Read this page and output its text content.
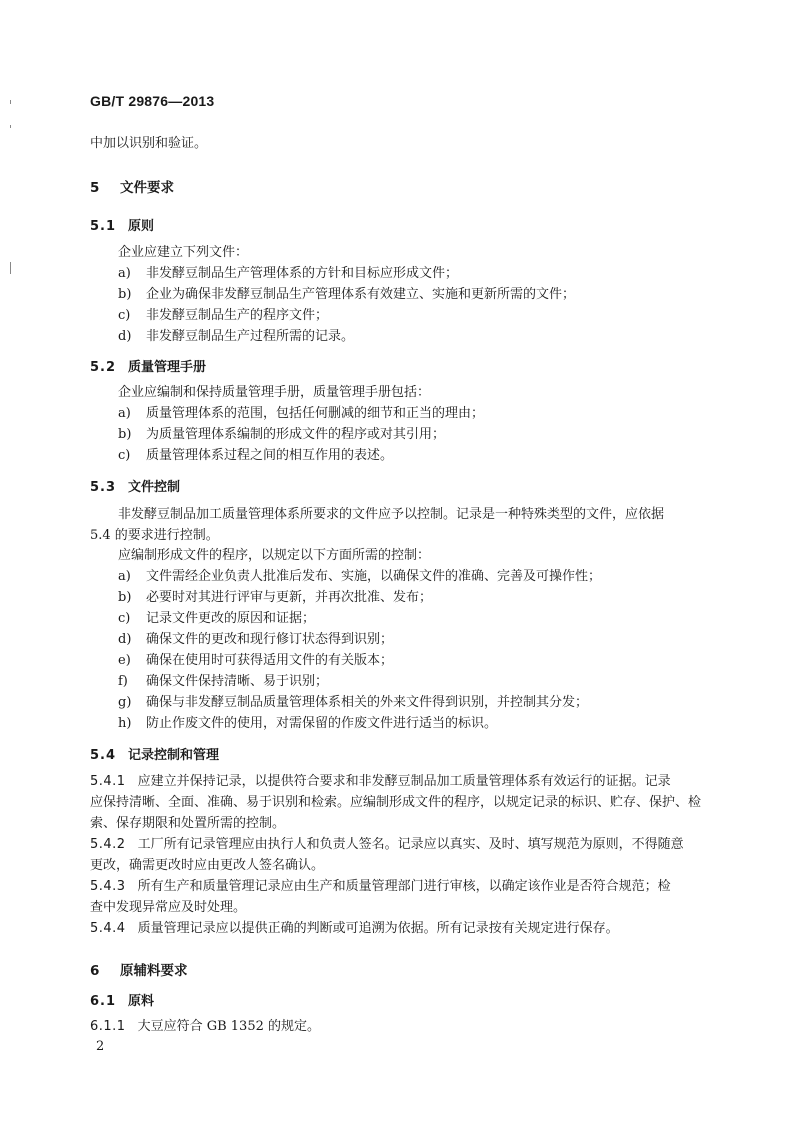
GB/T 29876—2013
中加以识别和验证。
5 文件要求
5.1 原则
企业应建立下列文件：
a) 非发酵豆制品生产管理体系的方针和目标应形成文件；
b) 企业为确保非发酵豆制品生产管理体系有效建立、实施和更新所需的文件；
c) 非发酵豆制品生产的程序文件；
d) 非发酵豆制品生产过程所需的记录。
5.2 质量管理手册
企业应编制和保持质量管理手册，质量管理手册包括：
a) 质量管理体系的范围，包括任何删减的细节和正当的理由；
b) 为质量管理体系编制的形成文件的程序或对其引用；
c) 质量管理体系过程之间的相互作用的表述。
5.3 文件控制
非发酵豆制品加工质量管理体系所要求的文件应予以控制。记录是一种特殊类型的文件，应依据
5.4 的要求进行控制。
应编制形成文件的程序，以规定以下方面所需的控制：
a) 文件需经企业负责人批准后发布、实施，以确保文件的准确、完善及可操作性；
b) 必要时对其进行评审与更新，并再次批准、发布；
c) 记录文件更改的原因和证据；
d) 确保文件的更改和现行修订状态得到识别；
e) 确保在使用时可获得适用文件的有关版本；
f) 确保文件保持清晰、易于识别；
g) 确保与非发酵豆制品质量管理体系相关的外来文件得到识别，并控制其分发；
h) 防止作废文件的使用，对需保留的作废文件进行适当的标识。
5.4 记录控制和管理
5.4.1 应建立并保持记录，以提供符合要求和非发酵豆制品加工质量管理体系有效运行的证据。记录
应保持清晰、全面、准确、易于识别和检索。应编制形成文件的程序，以规定记录的标识、贮存、保护、检
索、保存期限和处置所需的控制。
5.4.2 工厂所有记录管理应由执行人和负责人签名。记录应以真实、及时、填写规范为原则，不得随意
更改，确需更改时应由更改人签名确认。
5.4.3 所有生产和质量管理记录应由生产和质量管理部门进行审核，以确定该作业是否符合规范；检
查中发现异常应及时处理。
5.4.4 质量管理记录应以提供正确的判断或可追溯为依据。所有记录按有关规定进行保存。
6 原辅料要求
6.1 原料
6.1.1 大豆应符合 GB 1352 的规定。
2
